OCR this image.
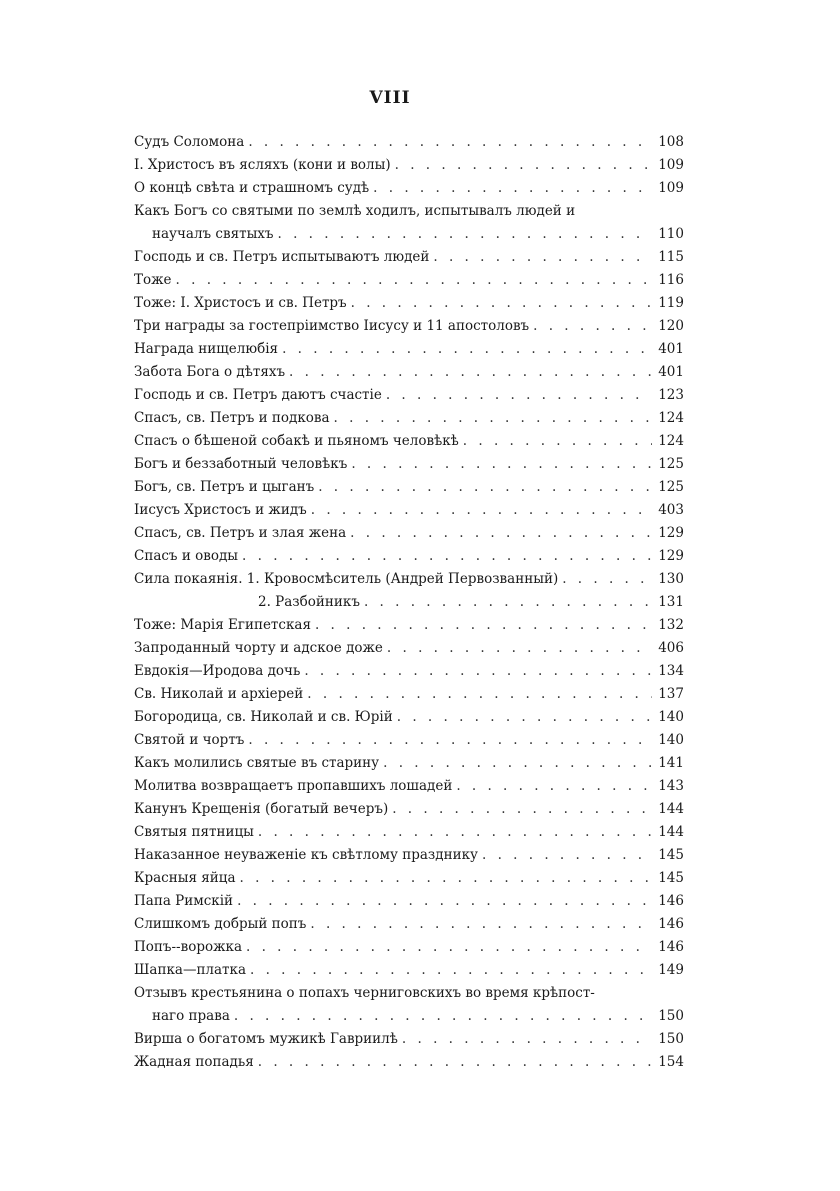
VIII
Судъ Соломона . . .	108
І. Христосъ въ ясляхъ (кони и волы) . . .	109
О концѣ свѣта и страшномъ судѣ . . .	109
Какъ Богъ со святыми по землѣ ходилъ, испытывалъ людей и
научалъ святыхъ . . .	110
Господь и св. Петръ испытываютъ людей . . .	115
Тоже . . .	116
Тоже: І. Христосъ и св. Петръ . . .	119
Три награды за гостепріимство Іисусу и 11 апостоловъ . . .	120
Награда нищелюбія . . .	401
Забота Бога о дѣтяхъ . . .	401
Господь и св. Петръ даютъ счастіе . . .	123
Спасъ, св. Петръ и подкова . . .	124
Спасъ о бѣшеной собакѣ и пьяномъ человѣкѣ . . .	124
Богъ и беззаботный человѣкъ . . .	125
Богъ, св. Петръ и цыганъ . . .	125
Іисусъ Христосъ и жидъ . . .	403
Спасъ, св. Петръ и злая жена . . .	129
Спасъ и оводы . . .	129
Сила покаянія. 1. Кровосмѣситель (Андрей Первозванный) . . .	130
2. Разбойникъ . . .	131
Тоже: Марія Египетская . . .	132
Запроданный чорту и адское дожe . . .	406
Евдокія—Иродова дочь . . .	134
Св. Николай и архіерей . . .	137
Богородица, св. Николай и св. Юрій . . .	140
Святой и чортъ . . .	140
Какъ молились святые въ старину . . .	141
Молитва возвращаетъ пропавшихъ лошадей . . .	143
Канунъ Крещенія (богатый вечеръ) . . .	144
Святыя пятницы . . .	144
Наказанное неуваженіе къ свѣтлому празднику . . .	145
Красныя яйца . . .	145
Папа Римскій . . .	146
Слишкомъ добрый попъ . . .	146
Попъ--ворожка . . .	146
Шапка—платка . . .	149
Отзывъ крестьянина о попахъ черниговскихъ во время крѣпост-
наго права . . .	150
Вирша о богатомъ мужикѣ Гавриилѣ . . .	150
Жадная попадья . . .	154
